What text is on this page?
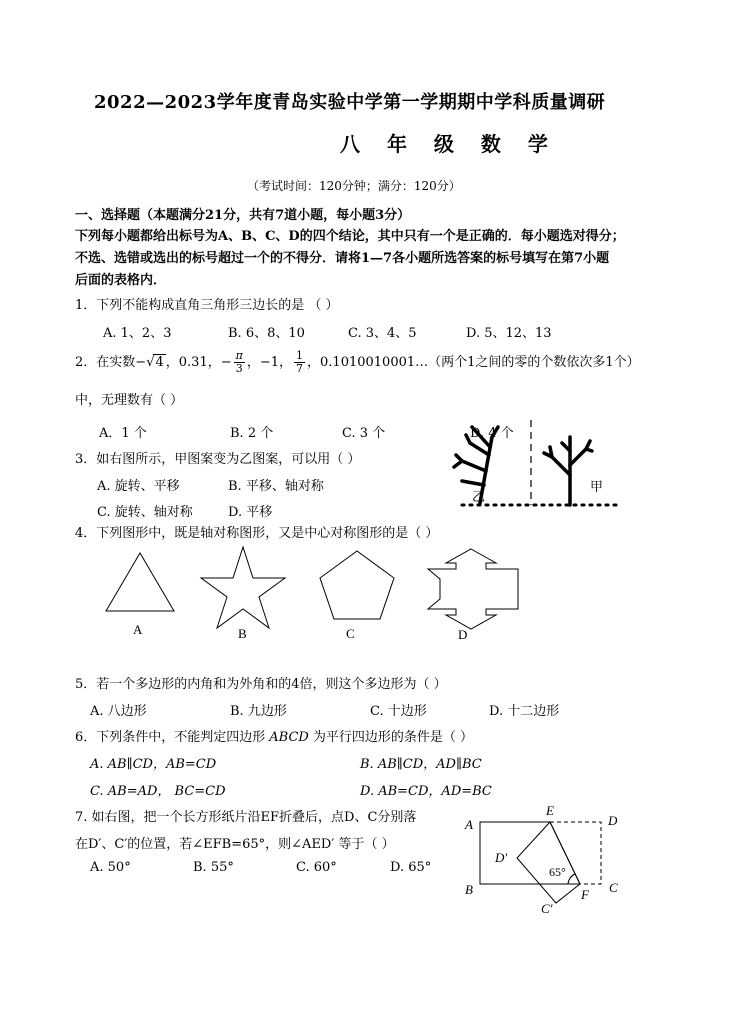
2022—2023学年度青岛实验中学第一学期期中学科质量调研
八 年 级 数 学
（考试时间：120分钟；满分：120分）
一、选择题（本题满分21分，共有7道小题，每小题3分）
下列每小题都给出标号为A、B、C、D的四个结论，其中只有一个是正确的．每小题选对得分；
不选、选错或选出的标号超过一个的不得分．请将1—7各小题所选答案的标号填写在第7小题
后面的表格内．
1．下列不能构成直角三角形三边长的是 （ ）
A. 1、2、3	B. 6、8、10	C. 3、4、5	D. 5、12、13
2．在实数−√4 ，0.31，− $\frac{\pi}{3}$ ，−1， $\frac{1}{7}$ ，0.1010010001…（两个1之间的零的个数依次多1个）
中，无理数有（ ）
A．1 个	B. 2 个	C. 3 个	D. 4 个
3．如右图所示，甲图案变为乙图案，可以用（ ）
A. 旋转、平移	B. 平移、轴对称
C. 旋转、轴对称	D. 平移
乙
甲
4．下列图形中，既是轴对称图形，又是中心对称图形的是（ ）
A	B	C	D
5．若一个多边形的内角和为外角和的4倍，则这个多边形为（ ）
A. 八边形	B. 九边形	C. 十边形	D. 十二边形
6．下列条件中，不能判定四边形 ABCD 为平行四边形的条件是（ ）
A. AB∥CD，AB=CD	B. AB∥CD，AD∥BC
C. AB=AD， BC=CD	D. AB=CD，AD=BC
7. 如右图，把一个长方形纸片沿EF折叠后，点D、C分别落
在D′、C′的位置，若∠EFB=65°，则∠AED′ 等于（ ）
A. 50°	B. 55°	C. 60°	D. 65°
A
B	C
D
E
F
D′
C′
65°
